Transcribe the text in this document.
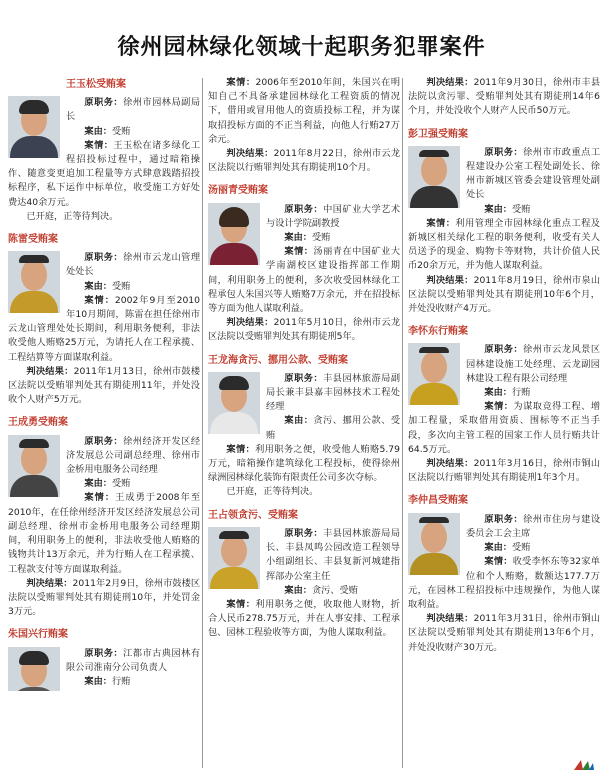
徐州园林绿化领域十起职务犯罪案件
王玉松受贿案

原职务：徐州市园林局副局长

案由：受贿

案情：王玉松在诸多绿化工程招投标过程中，通过暗箱操作、随意变更追加工程量等方式肆意践踏招投标程序，私下运作中标单位，收受施工方好处费达40余万元。

已开庭，正等待判决。

陈雷受贿案

原职务：徐州市云龙山管理处处长

案由：受贿

案情：2002年9月至2010年10月期间，陈雷在担任徐州市云龙山管理处处长期间，利用职务便利，非法收受他人贿赂25万元，为请托人在工程承揽、工程结算等方面谋取利益。

判决结果：2011年1月13日，徐州市鼓楼区法院以受贿罪判处其有期徒刑11年，并处没收个人财产5万元。

王成勇受贿案

原职务：徐州经济开发区经济发展总公司副总经理、徐州市金桥用电服务公司经理

案由：受贿

案情：王成勇于2008年至2010年，在任徐州经济开发区经济发展总公司副总经理、徐州市金桥用电服务公司经理期间，利用职务上的便利，非法收受他人贿赂的钱物共计13万余元，并为行贿人在工程承揽、工程款支付等方面谋取利益。

判决结果：2011年2月9日，徐州市鼓楼区法院以受贿罪判处其有期徒刑10年，并处罚金3万元。

朱国兴行贿案

原职务：江都市古典园林有限公司淮南分公司负责人

案由：行贿

案情：2006年至2010年间，朱国兴在明知自己不具备承建园林绿化工程资质的情况下，借用或冒用他人的资质投标工程，并为谋取招投标方面的不正当利益，向他人行贿27万余元。

判决结果：2011年8月22日，徐州市云龙区法院以行贿罪判处其有期徒刑10个月。

汤丽青受贿案

原职务：中国矿业大学艺术与设计学院副教授

案由：受贿

案情：汤丽青在中国矿业大学南湖校区建设指挥部工作期间，利用职务上的便利，多次收受园林绿化工程承包人朱国兴等人贿赂7万余元，并在招投标等方面为他人谋取利益。

判决结果：2011年5月10日，徐州市云龙区法院以受贿罪判处其有期徒刑5年。

王龙海贪污、挪用公款、受贿案

原职务：丰县园林旅游局副局长兼丰县嘉丰园林技术工程处经理

案由：贪污、挪用公款、受贿

案情：利用职务之便，收受他人贿赂5.79万元，暗箱操作建筑绿化工程投标，使得徐州绿洲园林绿化装饰有限责任公司多次夺标。

已开庭，正等待判决。

王占领贪污、受贿案

原职务：丰县园林旅游局局长、丰县凤鸣公园改造工程领导小组副组长、丰县复新河城建指挥部办公室主任

案由：贪污、受贿

案情：利用职务之便，收取他人财物，折合人民币278.75万元，并在人事安排、工程承包、园林工程验收等方面，为他人谋取利益。

判决结果：2011年9月30日，徐州市丰县法院以贪污罪、受贿罪判处其有期徒刑14年6个月，并处没收个人财产人民币50万元。

彭卫强受贿案

原职务：徐州市市政重点工程建设办公室工程处副处长、徐州市新城区管委会建设管理处副处长

案由：受贿

案情：利用管理全市园林绿化重点工程及新城区相关绿化工程的职务便利，收受有关人员送予的现金、购物卡等财物，共计价值人民币20余万元，并为他人谋取利益。

判决结果：2011年8月19日，徐州市泉山区法院以受贿罪判处其有期徒刑10年6个月，并处没收财产4万元。

李怀东行贿案

原职务：徐州市云龙风景区园林建设施工处经理、云龙副园林建设工程有限公司经理

案由：行贿

案情：为谋取竞得工程、增加工程量，采取借用资质、围标等不正当手段，多次向主管工程的国家工作人员行贿共计64.5万元。

判决结果：2011年3月16日，徐州市铜山区法院以行贿罪判处其有期徒刑1年3个月。

李仲昌受贿案

原职务：徐州市住房与建设委员会工会主席

案由：受贿

案情：收受李怀东等32家单位和个人贿赂，数额达177.7万元，在园林工程招投标中违规操作，为他人谋取利益。

判决结果：2011年3月31日，徐州市铜山区法院以受贿罪判处其有期徒刑13年6个月，并处没收财产30万元。
